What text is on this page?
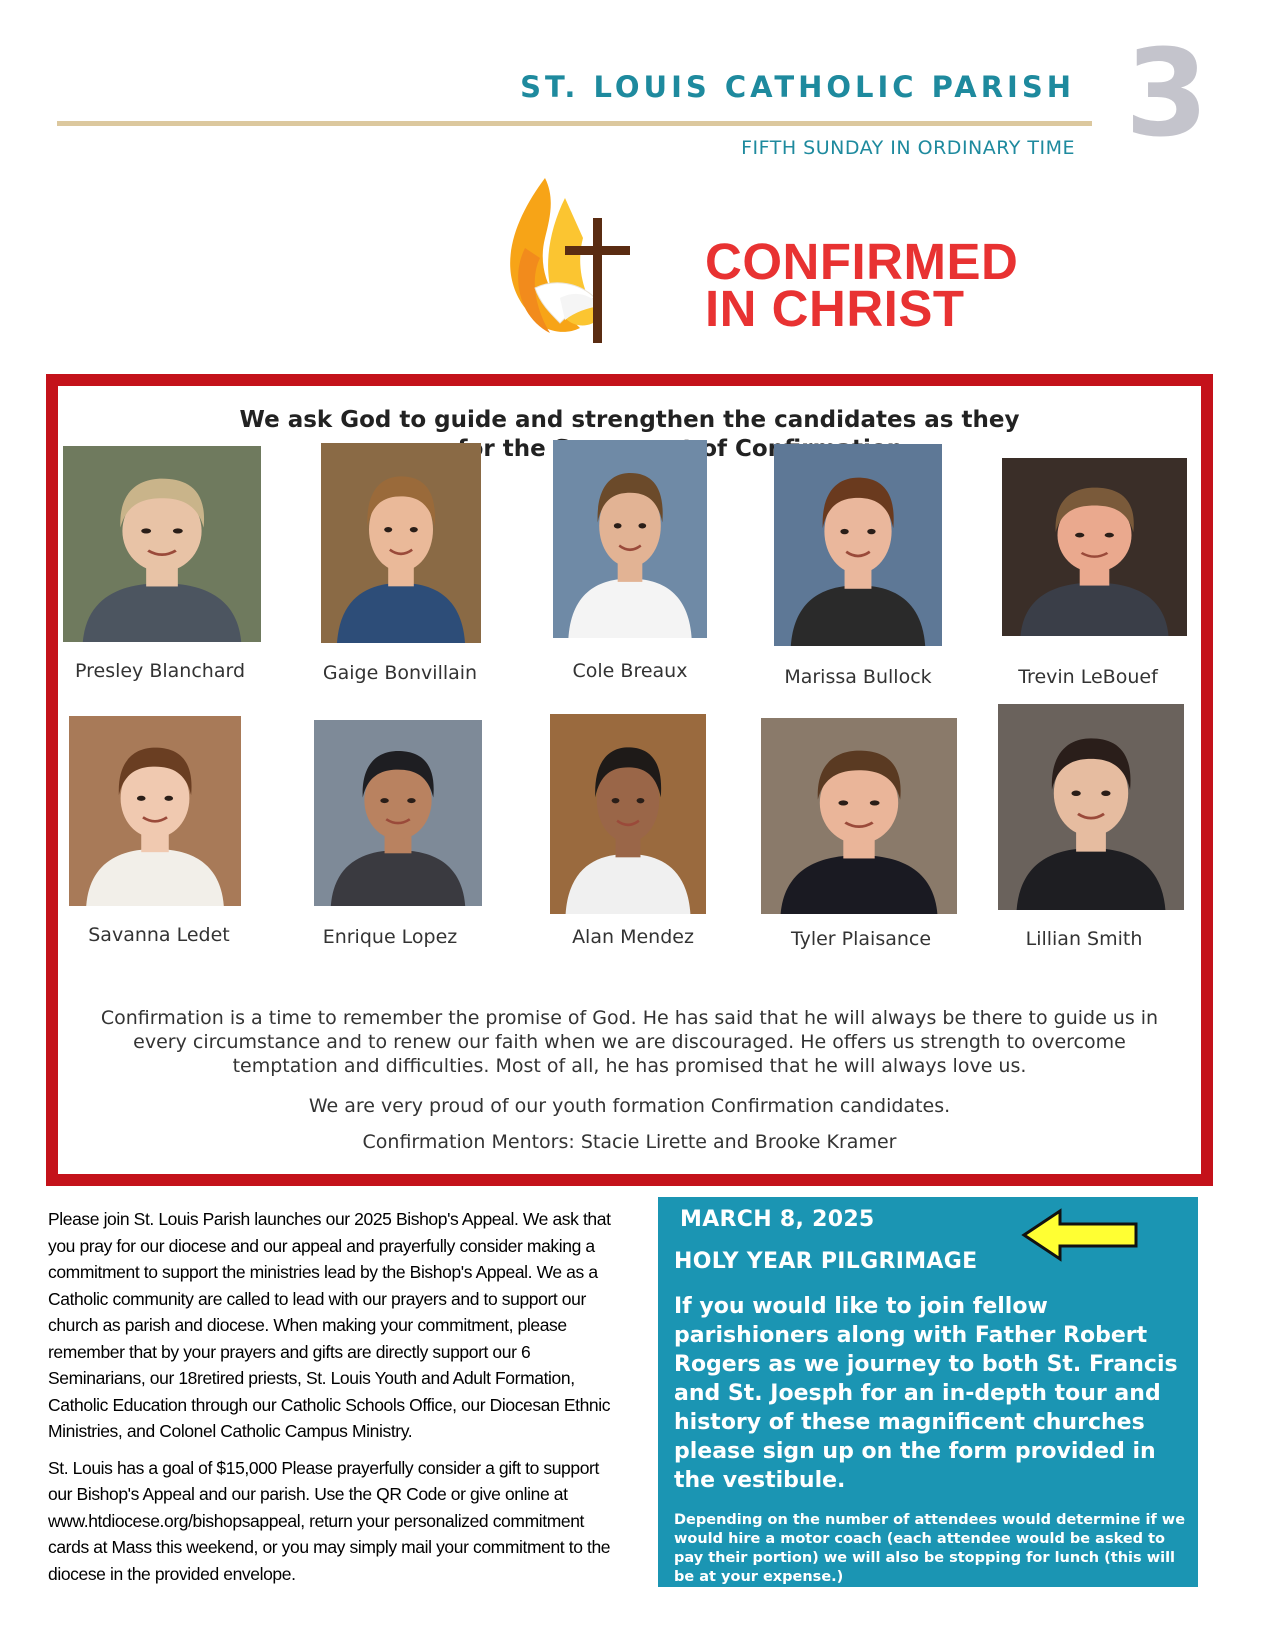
ST. LOUIS CATHOLIC PARISH
FIFTH SUNDAY IN ORDINARY TIME 3
CONFIRMED
IN CHRIST
We ask God to guide and strengthen the candidates as they the of
Presley Blanchard	Gaige Bonvillain	Cole Breaux	Marissa Bullock	Trevin LeBouef
Savanna Ledet	Enrique Lopez	Alan Mendez	Tyler Plaisance	Lillian Smith
Confirmation is a time to remember the promise of God. He has said that he will always be there to guide us in every circumstance and to renew our faith when we are discouraged. He offers us strength to overcome temptation and difficulties. Most of all, he has promised that he will always love us.
We are very proud of our youth formation Confirmation candidates.
Confirmation Mentors: Stacie Lirette and Brooke Kramer

Please join St. Louis Parish launches our 2025 Bishop's Appeal. We ask that you pray for our diocese and our appeal and prayerfully consider making a commitment to support the ministries lead by the Bishop's Appeal. We as a Catholic community are called to lead with our prayers and to support our church as parish and diocese. When making your commitment, please remember that by your prayers and gifts are directly support our 6 Seminarians, our 18retired priests, St. Louis Youth and Adult Formation, Catholic Education through our Catholic Schools Office, our Diocesan Ethnic Ministries, and Colonel Catholic Campus Ministry.

St. Louis has a goal of $15,000 Please prayerfully consider a gift to support our Bishop's Appeal and our parish. Use the QR Code or give online at www.htdiocese.org/bishopsappeal, return your personalized commitment cards at Mass this weekend, or you may simply mail your commitment to the diocese in the provided envelope.

MARCH 8, 2025
HOLY YEAR PILGRIMAGE
If you would like to join fellow parishioners along with Father Robert Rogers as we journey to both St. Francis and St. Joesph for an in-depth tour and history of these magnificent churches please sign up on the form provided in the vestibule.
Depending on the number of attendees would determine if we would hire a motor coach (each attendee would be asked to pay their portion) we will also be stopping for lunch (this will be at your expense.)
